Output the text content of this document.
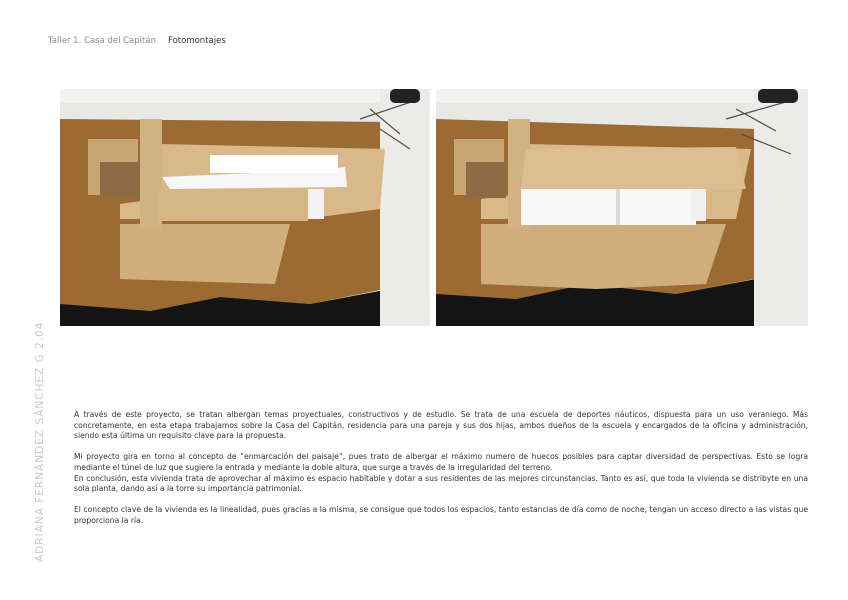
Taller 1. Casa del Capitán Fotomontajes
ADRIANA FERNÁNDEZ SÁNCHEZ G 2.04	A través de este proyecto, se tratan albergan temas proyectuales, constructivos y de estudio. Se trata de una escuela de deportes náuticos, dispuesta para un uso veraniego. Más concretamente, en esta etapa trabajamos sobre la Casa del Capitán, residencia para una pareja y sus dos hijas, ambos dueños de la escuela y encargados de la oficina y administración, siendo esta última un requisito clave para la propuesta.

Mi proyecto gira en torno al concepto de “enmarcación del paisaje”, pues trato de albergar el máximo numero de huecos posibles para captar diversidad de perspectivas. Esto se logra mediante el túnel de luz que sugiere la entrada y mediante la doble altura, que surge a través de la irregularidad del terreno.

En conclusión, esta vivienda trata de aprovechar al máximo es espacio habitable y dotar a sus residentes de las mejores circunstancias. Tanto es así, que toda la vivienda se distribyte en una sola planta, dando así a la torre su importancia patrimonial.

El concepto clave de la vivienda es la linealidad, pues gracias a la misma, se consigue que todos los espacios, tanto estancias de día como de noche, tengan un acceso directo a las vistas que proporciona la ría.
